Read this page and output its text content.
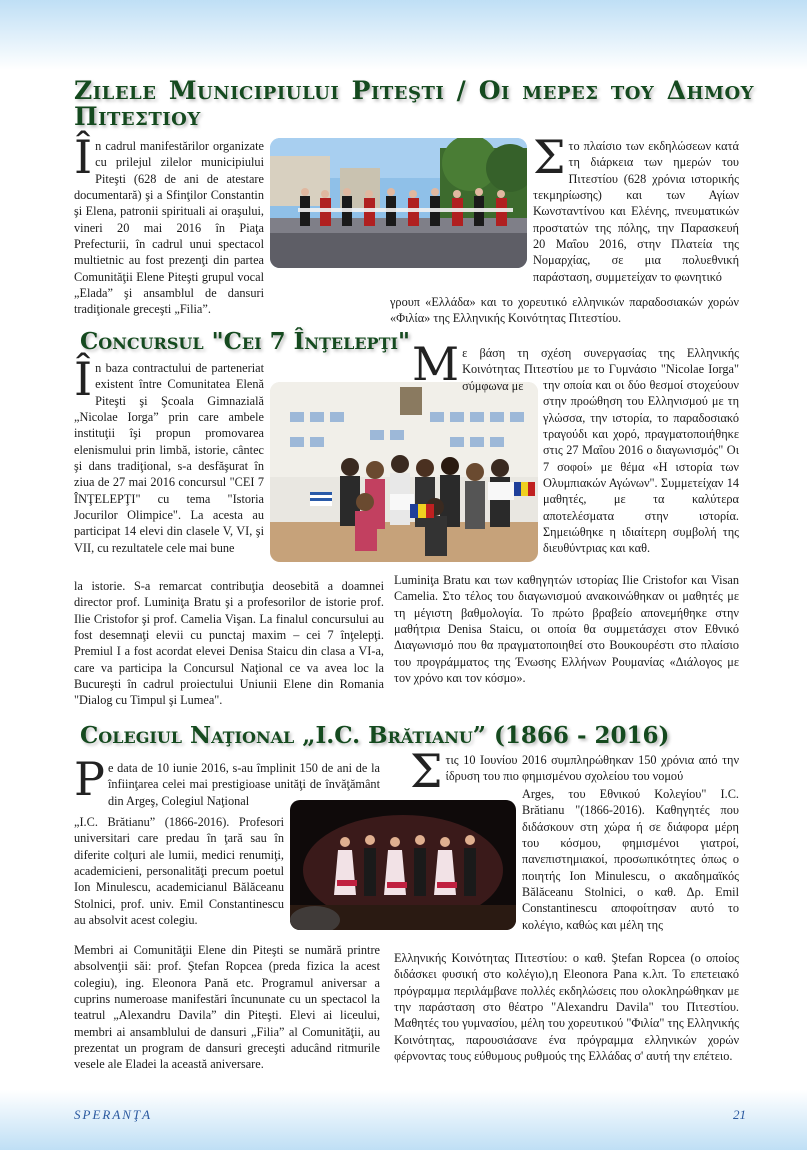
Zilele Municipiului Piteşti / Οι μερες του Δημου Πιτεστιου
În cadrul manifestărilor organizate cu prilejul zilelor municipiului Piteşti (628 de ani de atestare documentară) şi a Sfinţilor Constantin şi Elena, patronii spirituali ai oraşului, vineri 20 mai 2016 în Piaţa Prefecturii, în cadrul unui spectacol multietnic au fost prezenţi din partea Comunităţii Elene Piteşti grupul vocal „Elada” şi ansamblul de dansuri tradiţionale greceşti „Filia”.
Στο πλαίσιο των εκδηλώσεων κατά τη διάρκεια των ημερών του Πιτεστίου (628 χρόνια ιστορικής τεκμηρίωσης) και των Αγίων Κωνσταντίνου και Ελένης, πνευματικών προστατών της πόλης, την Παρασκευή 20 Μαΐου 2016, στην Πλατεία της Νομαρχίας, σε μια πολυεθνική παράσταση, συμμετείχαν το φωνητικό

γρουπ «Ελλάδα» και το χορευτικό ελληνικών παραδοσιακών χορών «Φιλία» της Ελληνικής Κοινότητας Πιτεστίου.

Concursul "Cei 7 Înţelepţi"
În baza contractului de parteneriat existent între Comunitatea Elenă Piteşti şi Şcoala Gimnazială „Nicolae Iorga” prin care ambele instituţii îşi propun promovarea elenismului prin limbă, istorie, cântec şi dans tradiţional, s-a desfăşurat în ziua de 27 mai 2016 concursul "CEI 7 ÎNŢELEPŢI" cu tema "Istoria Jocurilor Olimpice". La acesta au participat 14 elevi din clasele V, VI, şi VII, cu rezultatele cele mai bune

la istorie. S-a remarcat contribuţia deosebită a doamnei director prof. Luminiţa Bratu şi a profesorilor de istorie prof. Ilie Cristofor şi prof. Camelia Vişan. La finalul concursului au fost desemnaţi elevii cu punctaj maxim – cei 7 înţelepţi. Premiul I a fost acordat elevei Denisa Staicu din clasa a VI-a, care va participa la Concursul Naţional ce va avea loc la Bucureşti în cadrul proiectului Uniunii Elene din Romania "Dialog cu Timpul şi Lumea".

Με βάση τη σχέση συνεργασίας της Ελληνικής Κοινότητας Πιτεστίου με το Γυμνάσιο "Nicolae Iorga" σύμφωνα με	την οποία και οι δύο θεσμοί στοχεύουν στην προώθηση του Ελληνισμού με τη γλώσσα, την ιστορία, το παραδοσιακό τραγούδι και χορό, πραγματοποιήθηκε στις 27 Μαΐου 2016 ο διαγωνισμός" Οι 7 σοφοί» με θέμα «Η ιστορία των Ολυμπιακών Αγώνων". Συμμετείχαν 14 μαθητές, με τα καλύτερα αποτελέσματα στην ιστορία. Σημειώθηκε η ιδιαίτερη συμβολή της διευθύντριας και καθ.

Luminiţa Bratu και των καθηγητών ιστορίας Ilie Cristofor και Visan Camelia. Στο τέλος του διαγωνισμού ανακοινώθηκαν οι μαθητές με τη μέγιστη βαθμολογία. Το πρώτο βραβείο απονεμήθηκε στην μαθήτρια Denisa Staicu, οι οποία θα συμμετάσχει στον Εθνικό Διαγωνισμό που θα πραγματοποιηθεί στο Βουκουρέστι στο πλαίσιο του προγράμματος της Ένωσης Ελλήνων Ρουμανίας «Διάλογος με τον χρόνο και τον κόσμο».

Colegiul Naţional „I.C. Brătianu” (1866 - 2016)
Pe data de 10 iunie 2016, s-au împlinit 150 de ani de la înfiinţarea celei mai prestigioase unităţi de învăţământ din Argeş, Colegiul Naţional

„I.C. Brătianu” (1866-2016). Profesori universitari care predau în ţară sau în diferite colţuri ale lumii, medici renumiţi, academicieni, personalităţi precum poetul Ion Minulescu, academicianul Bălăceanu Stolnici, prof. univ. Emil Constantinescu au absolvit acest colegiu.

Membri ai Comunităţii Elene din Piteşti se numără printre absolvenţii săi: prof. Ştefan Ropcea (preda fizica la acest colegiu), ing. Eleonora Pană etc. Programul aniversar a cuprins numeroase manifestări încununate cu un spectacol la teatrul „Alexandru Davila” din Piteşti. Elevi ai liceului, membri ai ansamblului de dansuri „Filia” al Comunităţii, au prezentat un program de dansuri greceşti aducând ritmurile vesele ale Eladei la această aniversare.

Στις 10 Ιουνίου 2016 συμπληρώθηκαν 150 χρόνια από την ίδρυση του πιο φημισμένου σχολείου του νομού

Arges, του Εθνικού Κολεγίου" I.C. Brătianu "(1866-2016). Καθηγητές που διδάσκουν στη χώρα ή σε διάφορα μέρη του κόσμου, φημισμένοι γιατροί, πανεπιστημιακοί, προσωπικότητες όπως ο ποιητής Ion Minulescu, ο ακαδημαϊκός Bălăceanu Stolnici, ο καθ. Δρ. Emil Constantinescu αποφοίτησαν αυτό το κολέγιο, καθώς και μέλη της

Ελληνικής Κοινότητας Πιτεστίου: ο καθ. Ştefan Ropcea (ο οποίος διδάσκει φυσική στο κολέγιο),η Eleonora Pana κ.λπ. Το επετειακό πρόγραμμα περιλάμβανε πολλές εκδηλώσεις που ολοκληρώθηκαν με την παράσταση στο θέατρο "Alexandru Davila" του Πιτεστίου. Μαθητές του γυμνασίου, μέλη του χορευτικού "Φιλία" της Ελληνικής Κοινότητας, παρουσιάσανε ένα πρόγραμμα ελληνικών χορών φέρνοντας τους εύθυμους ρυθμούς της Ελλάδας σ' αυτή την επέτειο.

SPERANŢA	21
